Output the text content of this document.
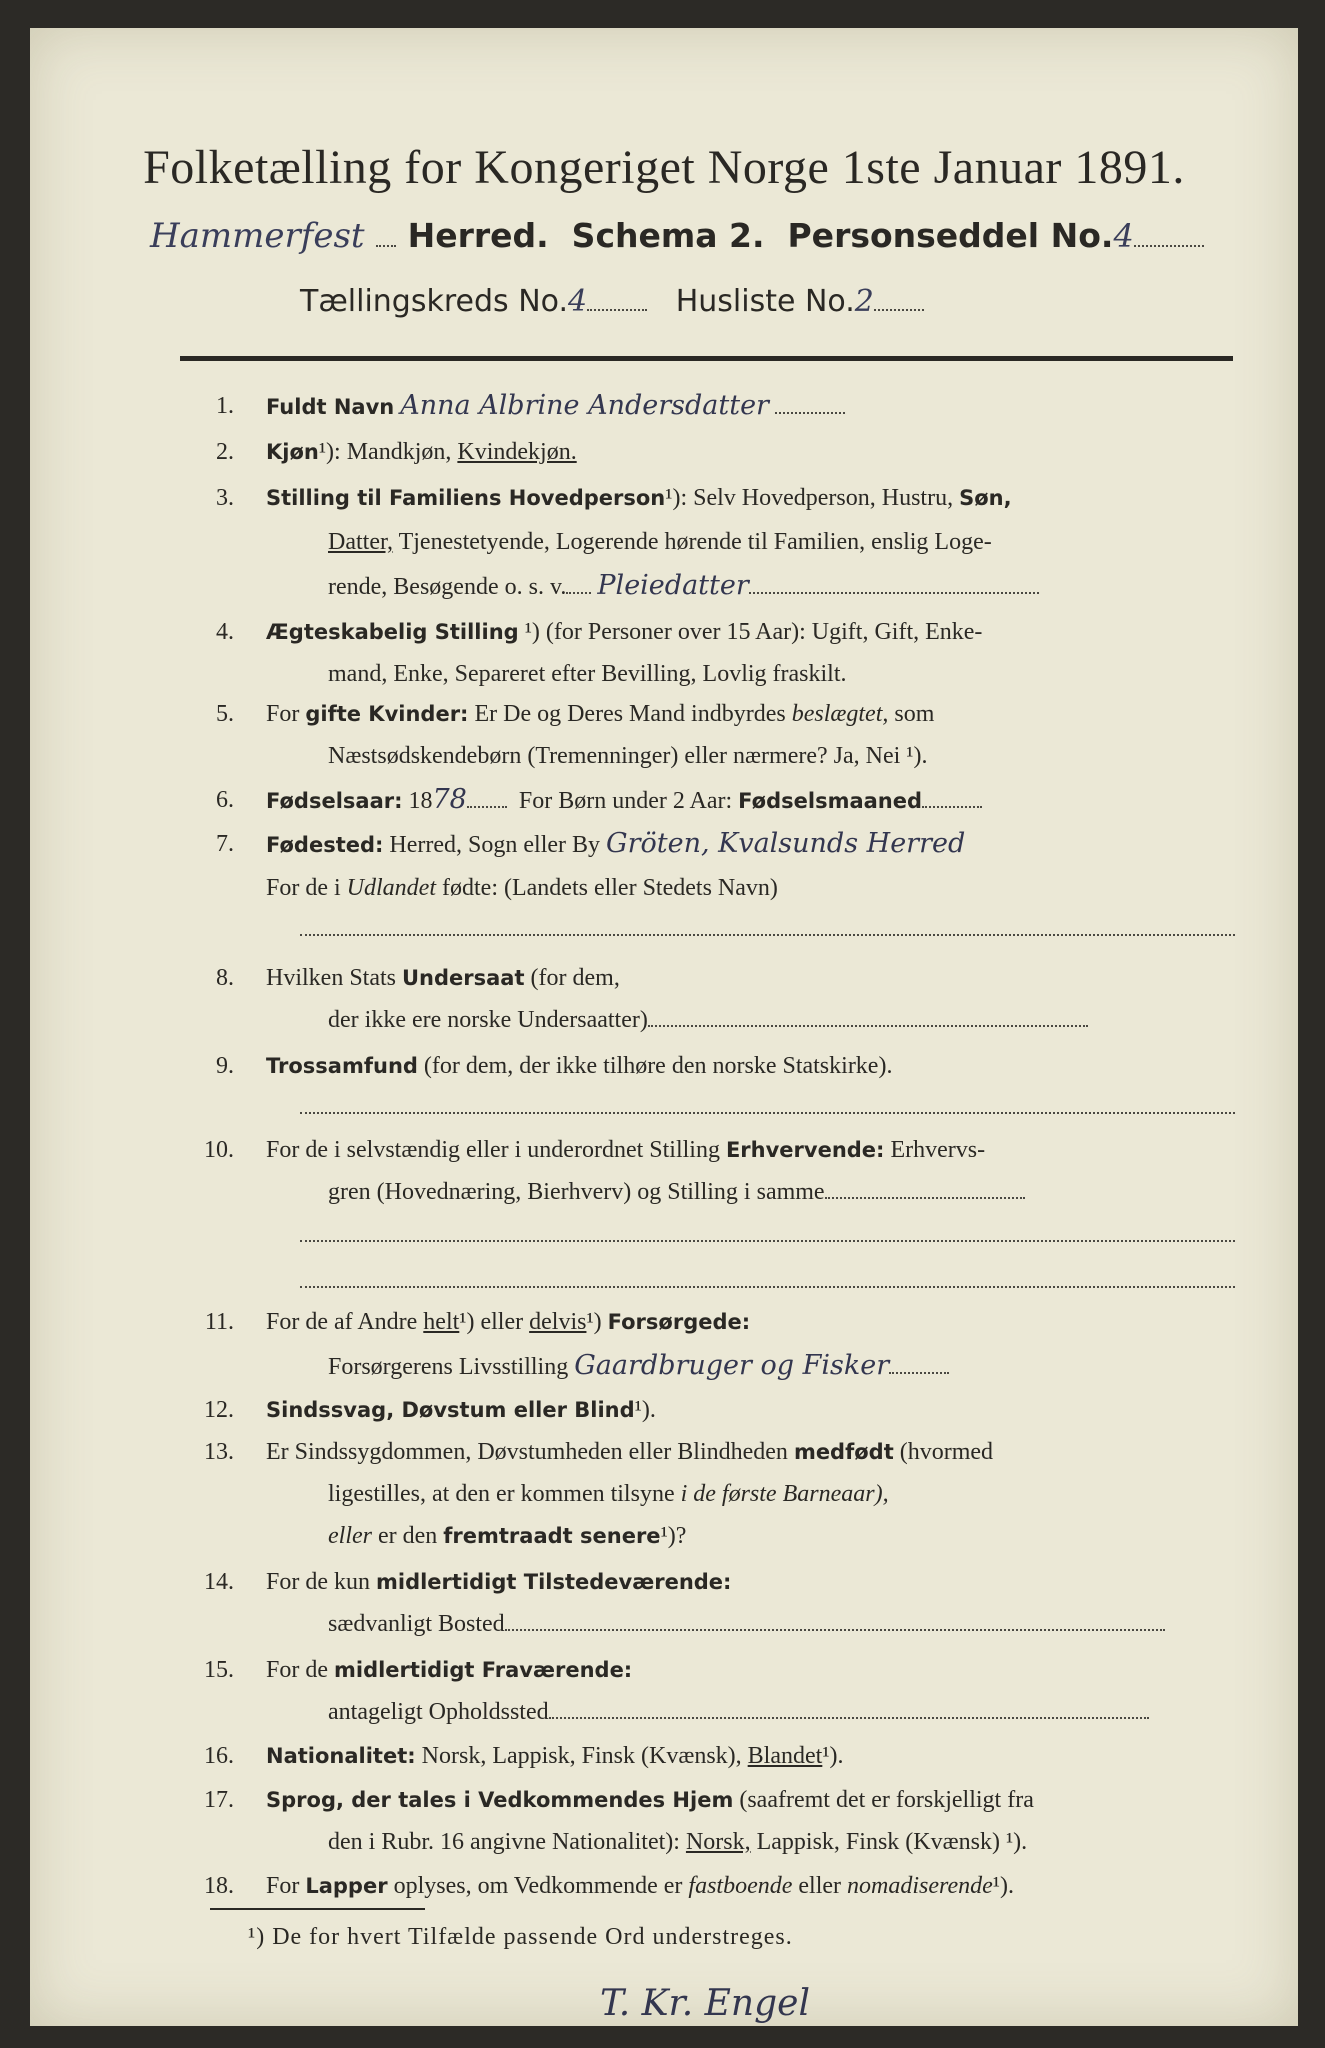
Folketælling for Kongeriget Norge 1ste Januar 1891.
Hammerfest Herred. Schema 2. Personseddel No.4
Tællingskreds No.4	Husliste No.2
1. Fuldt Navn Anna Albrine Andersdatter
2. Kjøn¹): Mandkjøn, Kvindekjøn.
3. Stilling til Familiens Hovedperson¹): Selv Hovedperson, Hustru, Søn,
Datter, Tjenestetyende, Logerende hørende til Familien, enslig Loge-
rende, Besøgende o. s. v. Pleiedatter
4. Ægteskabelig Stilling ¹) (for Personer over 15 Aar): Ugift, Gift, Enke-
mand, Enke, Separeret efter Bevilling, Lovlig fraskilt.
5. For gifte Kvinder: Er De og Deres Mand indbyrdes beslægtet, som
Næstsødskendebørn (Tremenninger) eller nærmere? Ja, Nei ¹).
6. Fødselsaar: 1878 For Børn under 2 Aar: Fødselsmaaned
7. Fødested: Herred, Sogn eller By Gröten, Kvalsunds Herred
For de i Udlandet fødte: (Landets eller Stedets Navn)
8. Hvilken Stats Undersaat (for dem,
der ikke ere norske Undersaatter)
9. Trossamfund (for dem, der ikke tilhøre den norske Statskirke).
10. For de i selvstændig eller i underordnet Stilling Erhvervende: Erhvervs-
gren (Hovednæring, Bierhverv) og Stilling i samme
11. For de af Andre helt¹) eller delvis¹) Forsørgede:
Forsørgerens Livsstilling Gaardbruger og Fisker
12. Sindssvag, Døvstum eller Blind¹).
13. Er Sindssygdommen, Døvstumheden eller Blindheden medfødt (hvormed
ligestilles, at den er kommen tilsyne i de første Barneaar),
eller er den fremtraadt senere¹)?
14. For de kun midlertidigt Tilstedeværende:
sædvanligt Bosted
15. For de midlertidigt Fraværende:
antageligt Opholdssted
16. Nationalitet: Norsk, Lappisk, Finsk (Kvænsk), Blandet¹).
17. Sprog, der tales i Vedkommendes Hjem (saafremt det er forskjelligt fra
den i Rubr. 16 angivne Nationalitet): Norsk, Lappisk, Finsk (Kvænsk) ¹).
18. For Lapper oplyses, om Vedkommende er fastboende eller nomadiserende¹).
¹) De for hvert Tilfælde passende Ord understreges.
T. Kr. Engel
